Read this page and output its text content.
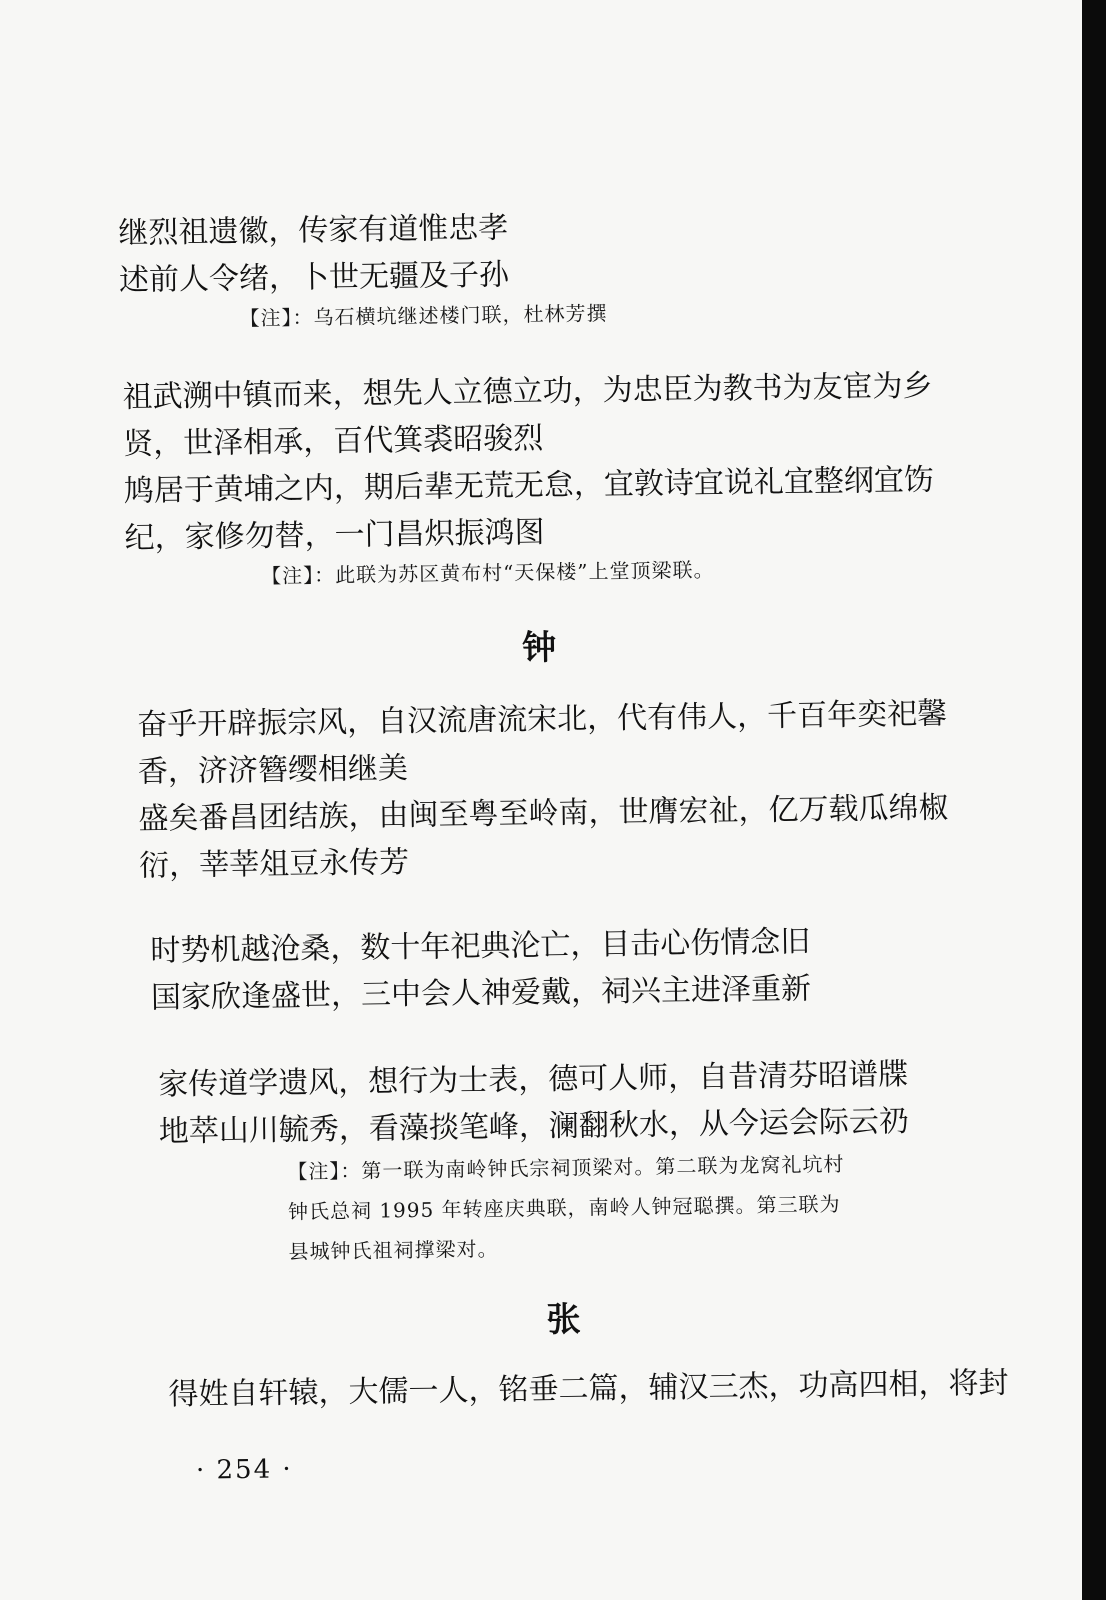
继烈祖遗徽，传家有道惟忠孝
述前人令绪，卜世无疆及子孙
【注】：乌石横坑继述楼门联，杜林芳撰
祖武溯中镇而来，想先人立德立功，为忠臣为教书为友宦为乡
贤，世泽相承，百代箕裘昭骏烈
鸠居于黄埔之内，期后辈无荒无怠，宜敦诗宜说礼宜整纲宜饬
纪，家修勿替，一门昌炽振鸿图
【注】：此联为苏区黄布村“天保楼”上堂顶梁联。
钟
奋乎开辟振宗风，自汉流唐流宋北，代有伟人，千百年奕祀馨
香，济济簪缨相继美
盛矣番昌团结族，由闽至粤至岭南，世膺宏祉，亿万载瓜绵椒
衍，莘莘俎豆永传芳
时势机越沧桑，数十年祀典沦亡，目击心伤情念旧
国家欣逢盛世，三中会人神爱戴，祠兴主进泽重新
家传道学遗风，想行为士表，德可人师，自昔清芬昭谱牒
地萃山川毓秀，看藻掞笔峰，澜翻秋水，从今运会际云礽
【注】：第一联为南岭钟氏宗祠顶梁对。第二联为龙窝礼坑村
钟氏总祠 1995 年转座庆典联，南岭人钟冠聪撰。第三联为
县城钟氏祖祠撑梁对。
张
得姓自轩辕，大儒一人，铭垂二篇，辅汉三杰，功高四相，将封
· 254 ·
